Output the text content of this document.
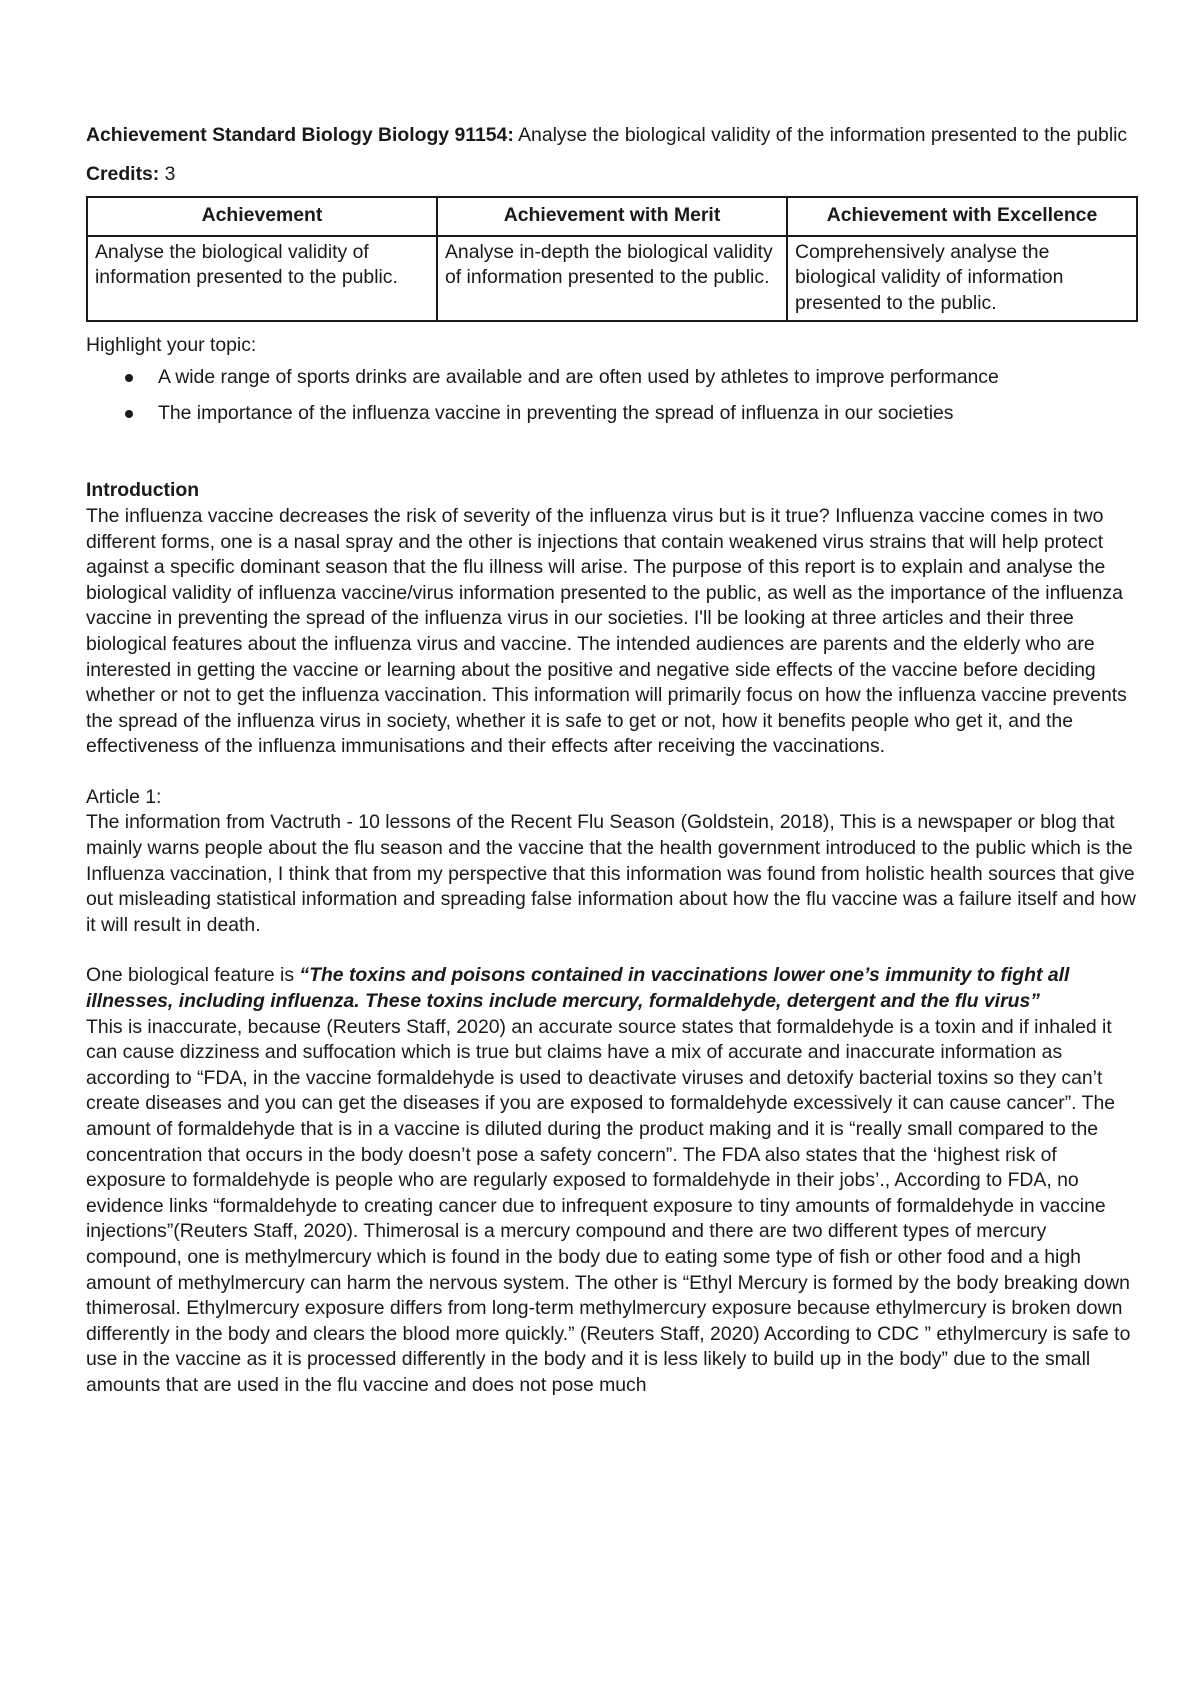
Achievement Standard Biology Biology 91154: Analyse the biological validity of the information presented to the public

Credits: 3

Achievement	Achievement with Merit	Achievement with Excellence
Analyse the biological validity of information presented to the public.	Analyse in-depth the biological validity of information presented to the public.	Comprehensively analyse the biological validity of information presented to the public.

Highlight your topic:

A wide range of sports drinks are available and are often used by athletes to improve performance
The importance of the influenza vaccine in preventing the spread of influenza in our societies
Introduction

The influenza vaccine decreases the risk of severity of the influenza virus but is it true? Influenza vaccine comes in two different forms, one is a nasal spray and the other is injections that contain weakened virus strains that will help protect against a specific dominant season that the flu illness will arise. The purpose of this report is to explain and analyse the biological validity of influenza vaccine/virus information presented to the public, as well as the importance of the influenza vaccine in preventing the spread of the influenza virus in our societies. I'll be looking at three articles and their three biological features about the influenza virus and vaccine. The intended audiences are parents and the elderly who are interested in getting the vaccine or learning about the positive and negative side effects of the vaccine before deciding whether or not to get the influenza vaccination. This information will primarily focus on how the influenza vaccine prevents the spread of the influenza virus in society, whether it is safe to get or not, how it benefits people who get it, and the effectiveness of the influenza immunisations and their effects after receiving the vaccinations.

Article 1:

The information from Vactruth - 10 lessons of the Recent Flu Season (Goldstein, 2018), This is a newspaper or blog that mainly warns people about the flu season and the vaccine that the health government introduced to the public which is the Influenza vaccination, I think that from my perspective that this information was found from holistic health sources that give out misleading statistical information and spreading false information about how the flu vaccine was a failure itself and how it will result in death.

One biological feature is “The toxins and poisons contained in vaccinations lower one’s immunity to fight all illnesses, including influenza. These toxins include mercury, formaldehyde, detergent and the flu virus”

This is inaccurate, because (Reuters Staff, 2020) an accurate source states that formaldehyde is a toxin and if inhaled it can cause dizziness and suffocation which is true but claims have a mix of accurate and inaccurate information as according to “FDA, in the vaccine formaldehyde is used to deactivate viruses and detoxify bacterial toxins so they can’t create diseases and you can get the diseases if you are exposed to formaldehyde excessively it can cause cancer”. The amount of formaldehyde that is in a vaccine is diluted during the product making and it is “really small compared to the concentration that occurs in the body doesn’t pose a safety concern”. The FDA also states that the ‘highest risk of exposure to formaldehyde is people who are regularly exposed to formaldehyde in their jobs’., According to FDA, no evidence links “formaldehyde to creating cancer due to infrequent exposure to tiny amounts of formaldehyde in vaccine injections”(Reuters Staff, 2020). Thimerosal is a mercury compound and there are two different types of mercury compound, one is methylmercury which is found in the body due to eating some type of fish or other food and a high amount of methylmercury can harm the nervous system. The other is “Ethyl Mercury is formed by the body breaking down thimerosal. Ethylmercury exposure differs from long-term methylmercury exposure because ethylmercury is broken down differently in the body and clears the blood more quickly.” (Reuters Staff, 2020) According to CDC ” ethylmercury is safe to use in the vaccine as it is processed differently in the body and it is less likely to build up in the body” due to the small amounts that are used in the flu vaccine and does not pose much
